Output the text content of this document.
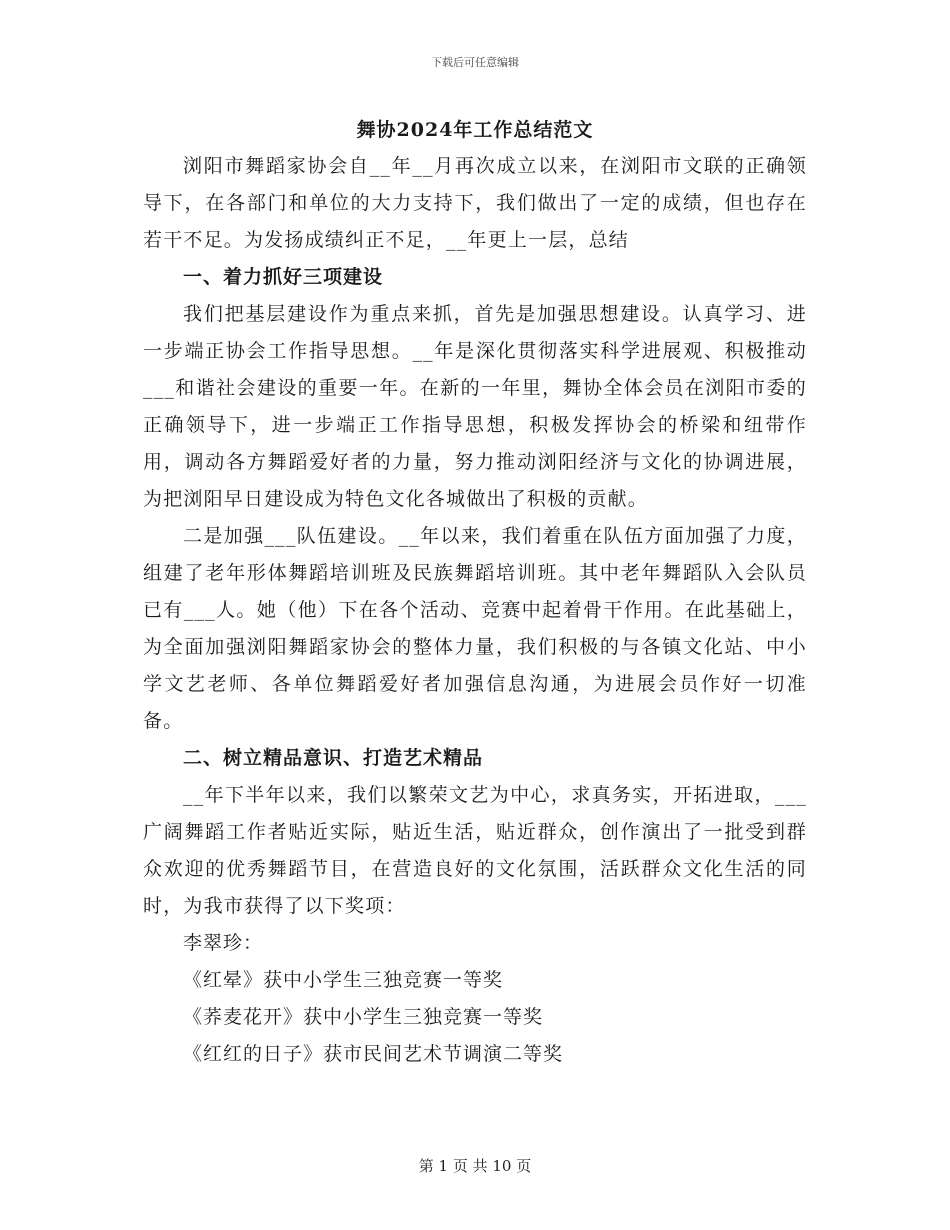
下载后可任意编辑
舞协2024年工作总结范文

浏阳市舞蹈家协会自__年__月再次成立以来，在浏阳市文联的正确领导下，在各部门和单位的大力支持下，我们做出了一定的成绩，但也存在若干不足。为发扬成绩纠正不足，__年更上一层，总结

一、着力抓好三项建设

我们把基层建设作为重点来抓，首先是加强思想建设。认真学习、进一步端正协会工作指导思想。__年是深化贯彻落实科学进展观、积极推动___和谐社会建设的重要一年。在新的一年里，舞协全体会员在浏阳市委的正确领导下，进一步端正工作指导思想，积极发挥协会的桥梁和纽带作用，调动各方舞蹈爱好者的力量，努力推动浏阳经济与文化的协调进展，为把浏阳早日建设成为特色文化各城做出了积极的贡献。

二是加强___队伍建设。__年以来，我们着重在队伍方面加强了力度，组建了老年形体舞蹈培训班及民族舞蹈培训班。其中老年舞蹈队入会队员已有___人。她（他）下在各个活动、竞赛中起着骨干作用。在此基础上，为全面加强浏阳舞蹈家协会的整体力量，我们积极的与各镇文化站、中小学文艺老师、各单位舞蹈爱好者加强信息沟通，为进展会员作好一切准备。

二、树立精品意识、打造艺术精品

__年下半年以来，我们以繁荣文艺为中心，求真务实，开拓进取，___广阔舞蹈工作者贴近实际，贴近生活，贴近群众，创作演出了一批受到群众欢迎的优秀舞蹈节目，在营造良好的文化氛围，活跃群众文化生活的同时，为我市获得了以下奖项：

李翠珍：

《红晕》获中小学生三独竞赛一等奖

《荞麦花开》获中小学生三独竞赛一等奖

《红红的日子》获市民间艺术节调演二等奖

第 1 页 共 10 页
